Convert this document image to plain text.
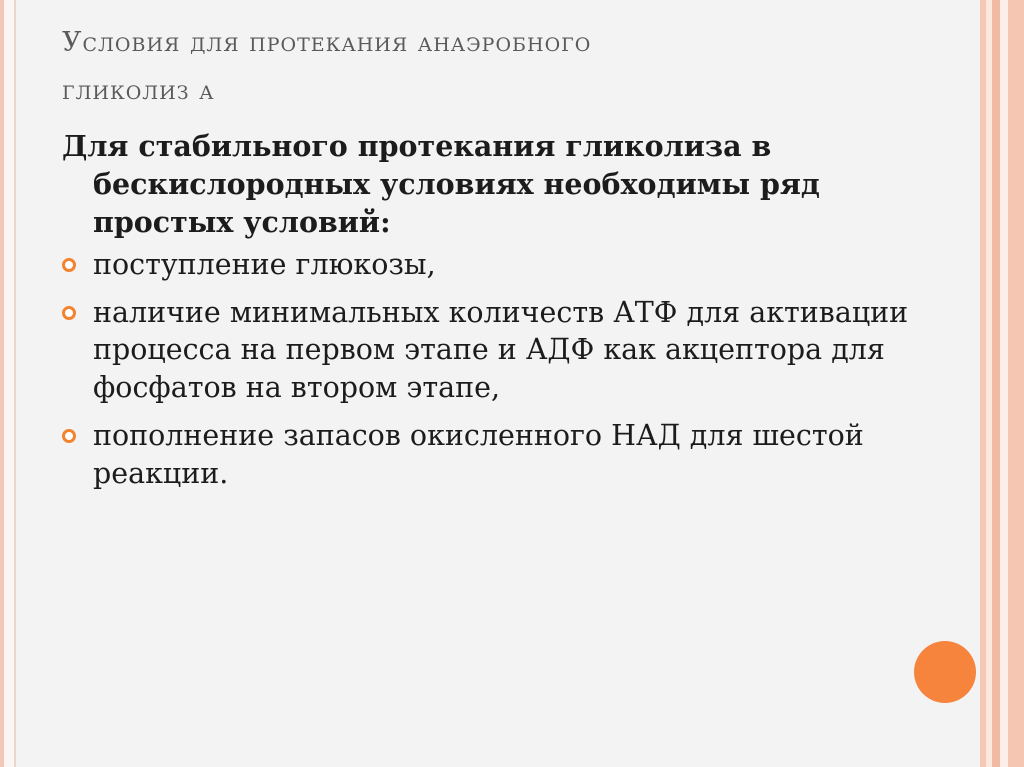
Условия для протекания анаэробного
гликолиз а

Для стабильного протекания гликолиза в
бескислородных условиях необходимы ряд
простых условий:

поступление глюкозы,
наличие минимальных количеств АТФ для активации процесса на первом этапе и АДФ как акцептора для фосфатов на втором этапе,
пополнение запасов окисленного НАД для шестой реакции.
